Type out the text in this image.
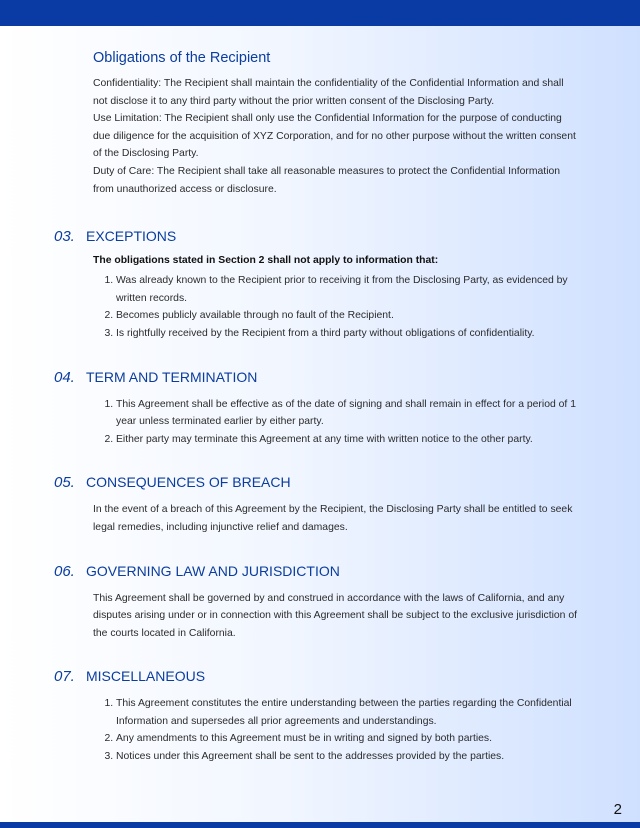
Obligations of the Recipient

Confidentiality: The Recipient shall maintain the confidentiality of the Confidential Information and shall not disclose it to any third party without the prior written consent of the Disclosing Party.

Use Limitation: The Recipient shall only use the Confidential Information for the purpose of conducting due diligence for the acquisition of XYZ Corporation, and for no other purpose without the written consent of the Disclosing Party.

Duty of Care: The Recipient shall take all reasonable measures to protect the Confidential Information from unauthorized access or disclosure.

03. EXCEPTIONS
The obligations stated in Section 2 shall not apply to information that:
1. Was already known to the Recipient prior to receiving it from the Disclosing Party, as evidenced by written records.
2. Becomes publicly available through no fault of the Recipient.
3. Is rightfully received by the Recipient from a third party without obligations of confidentiality.
04. TERM AND TERMINATION
1. This Agreement shall be effective as of the date of signing and shall remain in effect for a period of 1 year unless terminated earlier by either party.
2. Either party may terminate this Agreement at any time with written notice to the other party.
05. CONSEQUENCES OF BREACH

In the event of a breach of this Agreement by the Recipient, the Disclosing Party shall be entitled to seek legal remedies, including injunctive relief and damages.

06. GOVERNING LAW AND JURISDICTION

This Agreement shall be governed by and construed in accordance with the laws of California, and any disputes arising under or in connection with this Agreement shall be subject to the exclusive jurisdiction of the courts located in California.

07. MISCELLANEOUS
1. This Agreement constitutes the entire understanding between the parties regarding the Confidential Information and supersedes all prior agreements and understandings.
2. Any amendments to this Agreement must be in writing and signed by both parties.
3. Notices under this Agreement shall be sent to the addresses provided by the parties.
2
